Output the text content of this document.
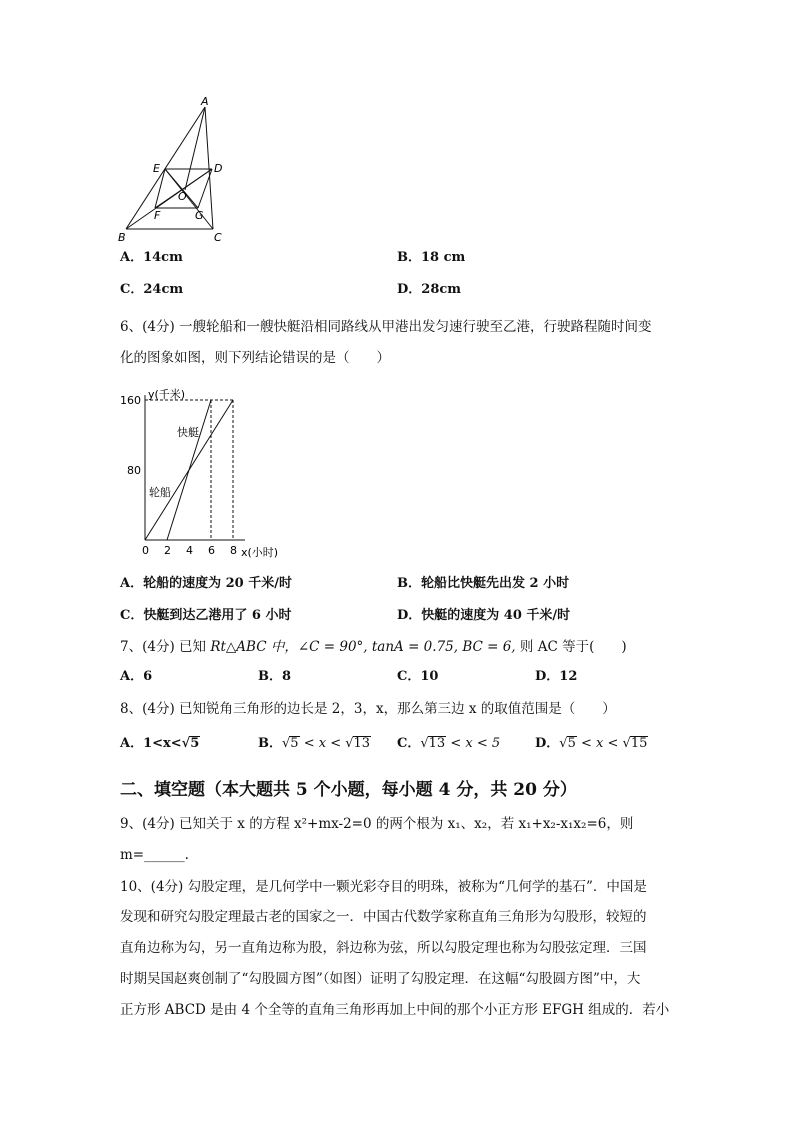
A
E	D
O
F	G
B	C
A．14cm	B．18 cm
C．24cm	D．28cm
6、(4分) 一艘轮船和一艘快艇沿相同路线从甲港出发匀速行驶至乙港，行驶路程随时间变
化的图象如图，则下列结论错误的是（　　）
0 2 4 6 8
80
160 y(千米)
x(小时)
快艇
轮船
A．轮船的速度为 20 千米/时	B．轮船比快艇先出发 2 小时
C．快艇到达乙港用了 6 小时	D．快艇的速度为 40 千米/时
7、(4分) 已知 Rt△ABC 中，∠C = 90°, tanA = 0.75, BC = 6, 则 AC 等于(　　)
A．6	B．8	C．10	D．12
8、(4分) 已知锐角三角形的边长是 2，3，x，那么第三边 x 的取值范围是（　　）
A．1<x<√5	B．√5 < x < √13 C．√13 < x < 5	D．√5 < x < √15
二、填空题（本大题共 5 个小题，每小题 4 分，共 20 分）
9、(4分) 已知关于 x 的方程 x²+mx-2=0 的两个根为 x₁、x₂，若 x₁+x₂-x₁x₂=6，则
m=______.
10、(4分) 勾股定理，是几何学中一颗光彩夺目的明珠，被称为“几何学的基石”．中国是
发现和研究勾股定理最古老的国家之一．中国古代数学家称直角三角形为勾股形，较短的
直角边称为勾，另一直角边称为股，斜边称为弦，所以勾股定理也称为勾股弦定理．三国
时期吴国赵爽创制了“勾股圆方图”（如图）证明了勾股定理．在这幅“勾股圆方图”中，大
正方形 ABCD 是由 4 个全等的直角三角形再加上中间的那个小正方形 EFGH 组成的．若小
